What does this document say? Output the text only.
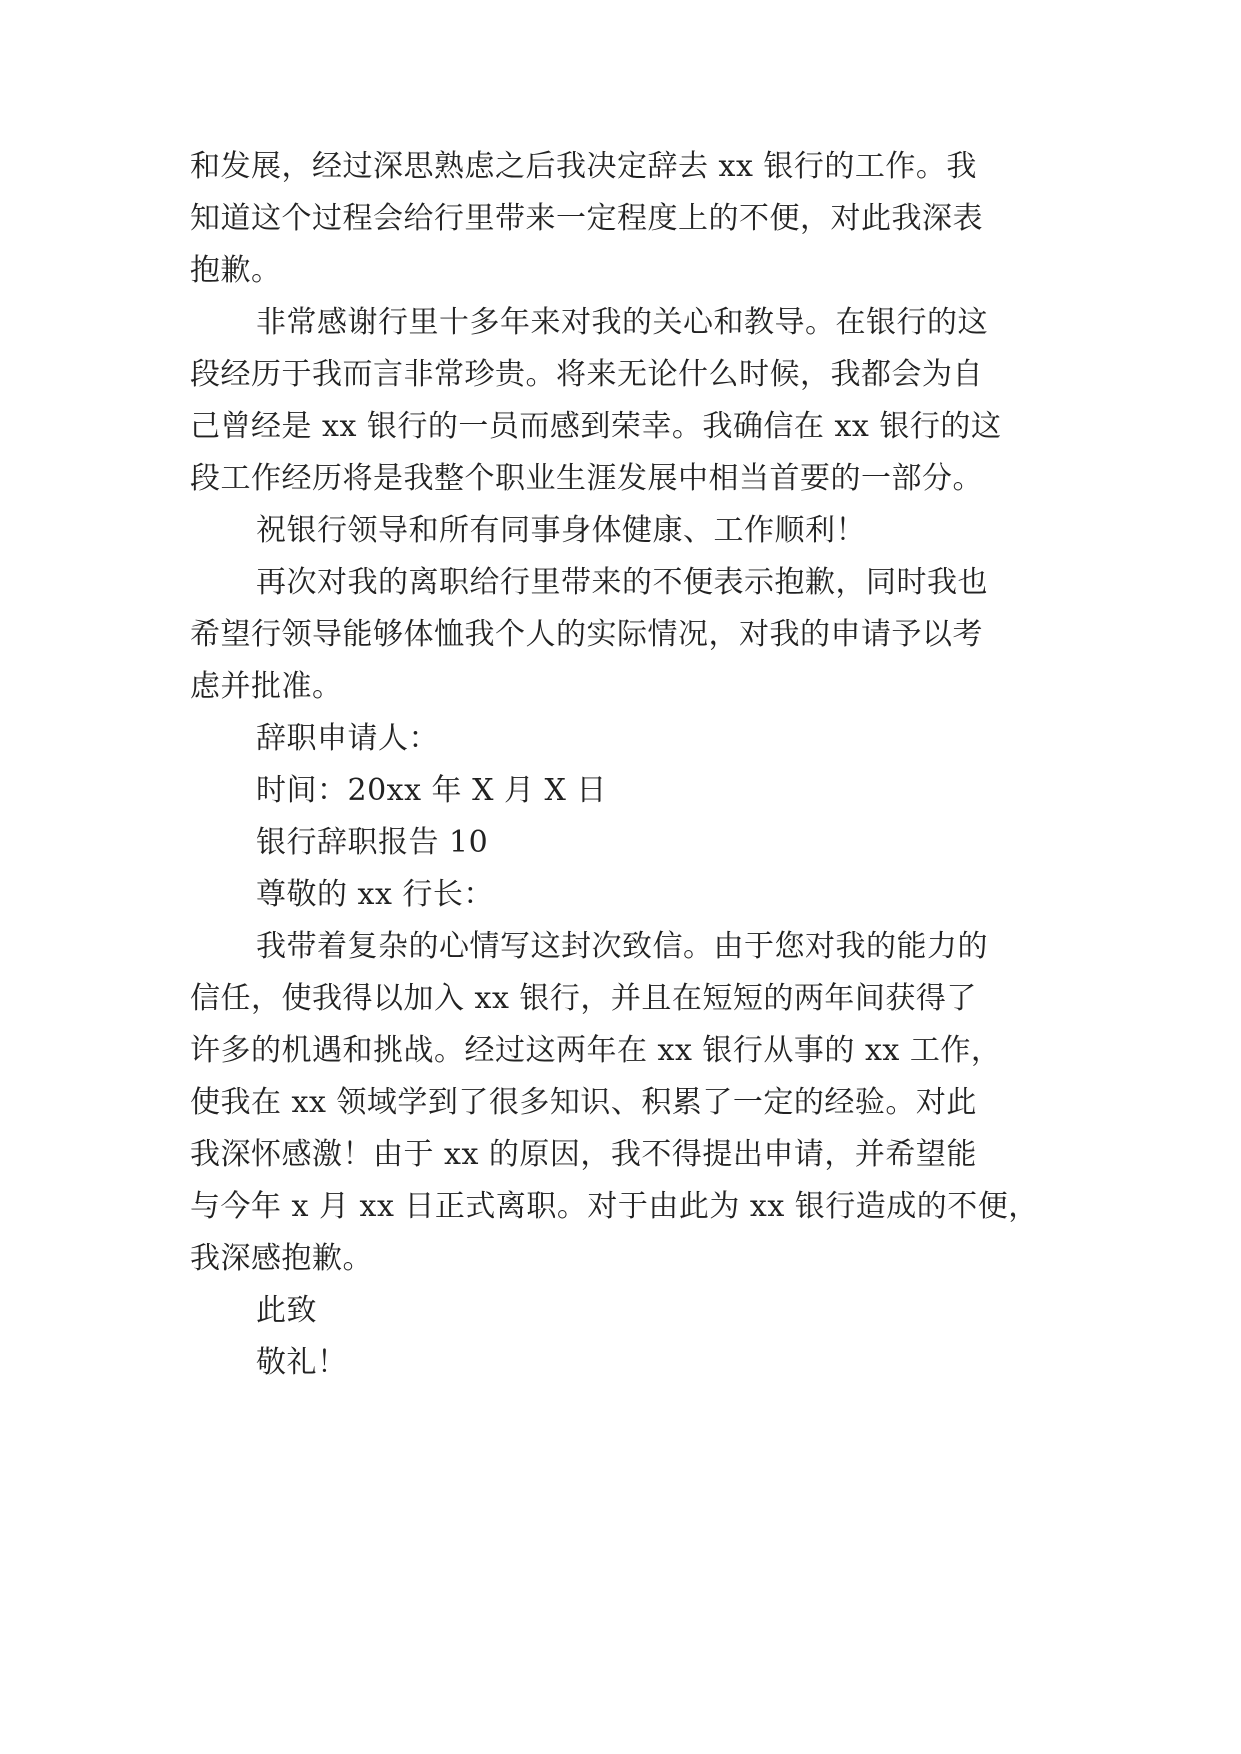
和发展，经过深思熟虑之后我决定辞去 xx 银行的工作。我
知道这个过程会给行里带来一定程度上的不便，对此我深表
抱歉。
非常感谢行里十多年来对我的关心和教导。在银行的这
段经历于我而言非常珍贵。将来无论什么时候，我都会为自
己曾经是 xx 银行的一员而感到荣幸。我确信在 xx 银行的这
段工作经历将是我整个职业生涯发展中相当首要的一部分。
祝银行领导和所有同事身体健康、工作顺利！
再次对我的离职给行里带来的不便表示抱歉，同时我也
希望行领导能够体恤我个人的实际情况，对我的申请予以考
虑并批准。
辞职申请人：
时间：20xx 年 X 月 X 日
银行辞职报告 10
尊敬的 xx 行长：
我带着复杂的心情写这封次致信。由于您对我的能力的
信任，使我得以加入 xx 银行，并且在短短的两年间获得了
许多的机遇和挑战。经过这两年在 xx 银行从事的 xx 工作，
使我在 xx 领域学到了很多知识、积累了一定的经验。对此
我深怀感激！由于 xx 的原因，我不得提出申请，并希望能
与今年 x 月 xx 日正式离职。对于由此为 xx 银行造成的不便，
我深感抱歉。
此致
敬礼！
